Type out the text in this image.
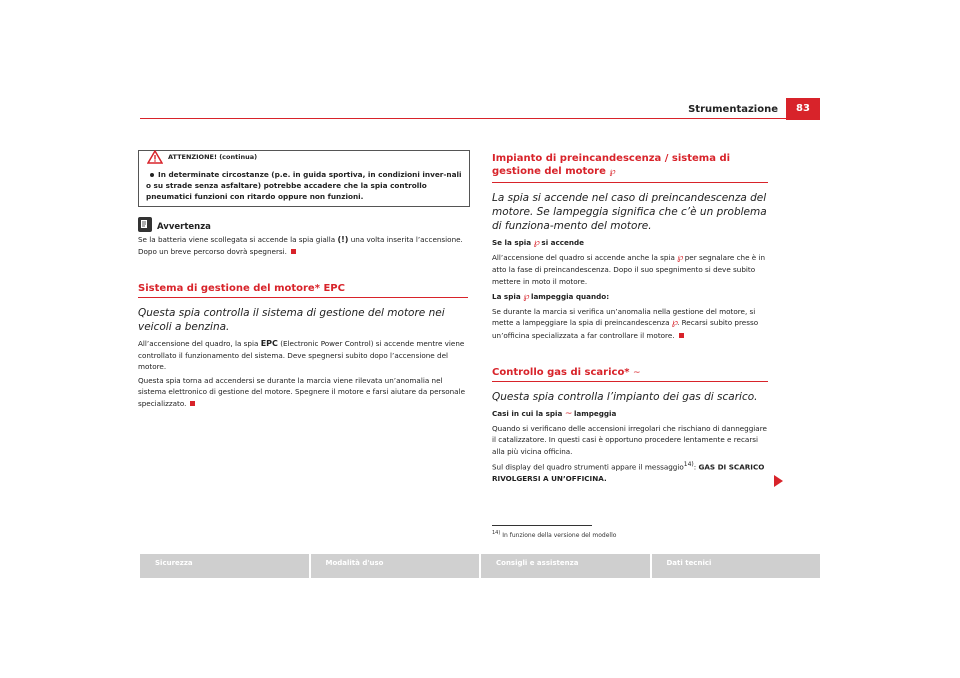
Strumentazione	83
ATTENZIONE! (continua)
In determinate circostanze (p.e. in guida sportiva, in condizioni inver-nali o su strade senza asfaltare) potrebbe accadere che la spia controllo pneumatici funzioni con ritardo oppure non funzioni.
Avvertenza

Se la batteria viene scollegata si accende la spia gialla (!) una volta inserita l’accensione. Dopo un breve percorso dovrà spegnersi.

Sistema di gestione del motore* EPC

Questa spia controlla il sistema di gestione del motore nei veicoli a benzina.

All’accensione del quadro, la spia EPC (Electronic Power Control) si accende mentre viene controllato il funzionamento del sistema. Deve spegnersi subito dopo l’accensione del motore.

Questa spia torna ad accendersi se durante la marcia viene rilevata un’anomalia nel sistema elettronico di gestione del motore. Spegnere il motore e farsi aiutare da personale specializzato.

Impianto di preincandescenza / sistema di gestione del motore ℘

La spia si accende nel caso di preincandescenza del motore. Se lampeggia significa che c’è un problema di funziona-mento del motore.

Se la spia ℘ si accende

All’accensione del quadro si accende anche la spia ℘ per segnalare che è in atto la fase di preincandescenza. Dopo il suo spegnimento si deve subito mettere in moto il motore.

La spia ℘ lampeggia quando:

Se durante la marcia si verifica un’anomalia nella gestione del motore, si mette a lampeggiare la spia di preincandescenza ℘. Recarsi subito presso un’officina specializzata a far controllare il motore.

Controllo gas di scarico* ~

Questa spia controlla l’impianto dei gas di scarico.

Casi in cui la spia ~ lampeggia

Quando si verificano delle accensioni irregolari che rischiano di danneggiare il catalizzatore. In questi casi è opportuno procedere lentamente e recarsi alla più vicina officina.

Sul display del quadro strumenti appare il messaggio$^{14)}$: GAS DI SCARICO RIVOLGERSI A UN’OFFICINA.

$^{14)}$ In funzione della versione del modello
Sicurezza	Modalità d'uso	Consigli e assistenza	Dati tecnici
